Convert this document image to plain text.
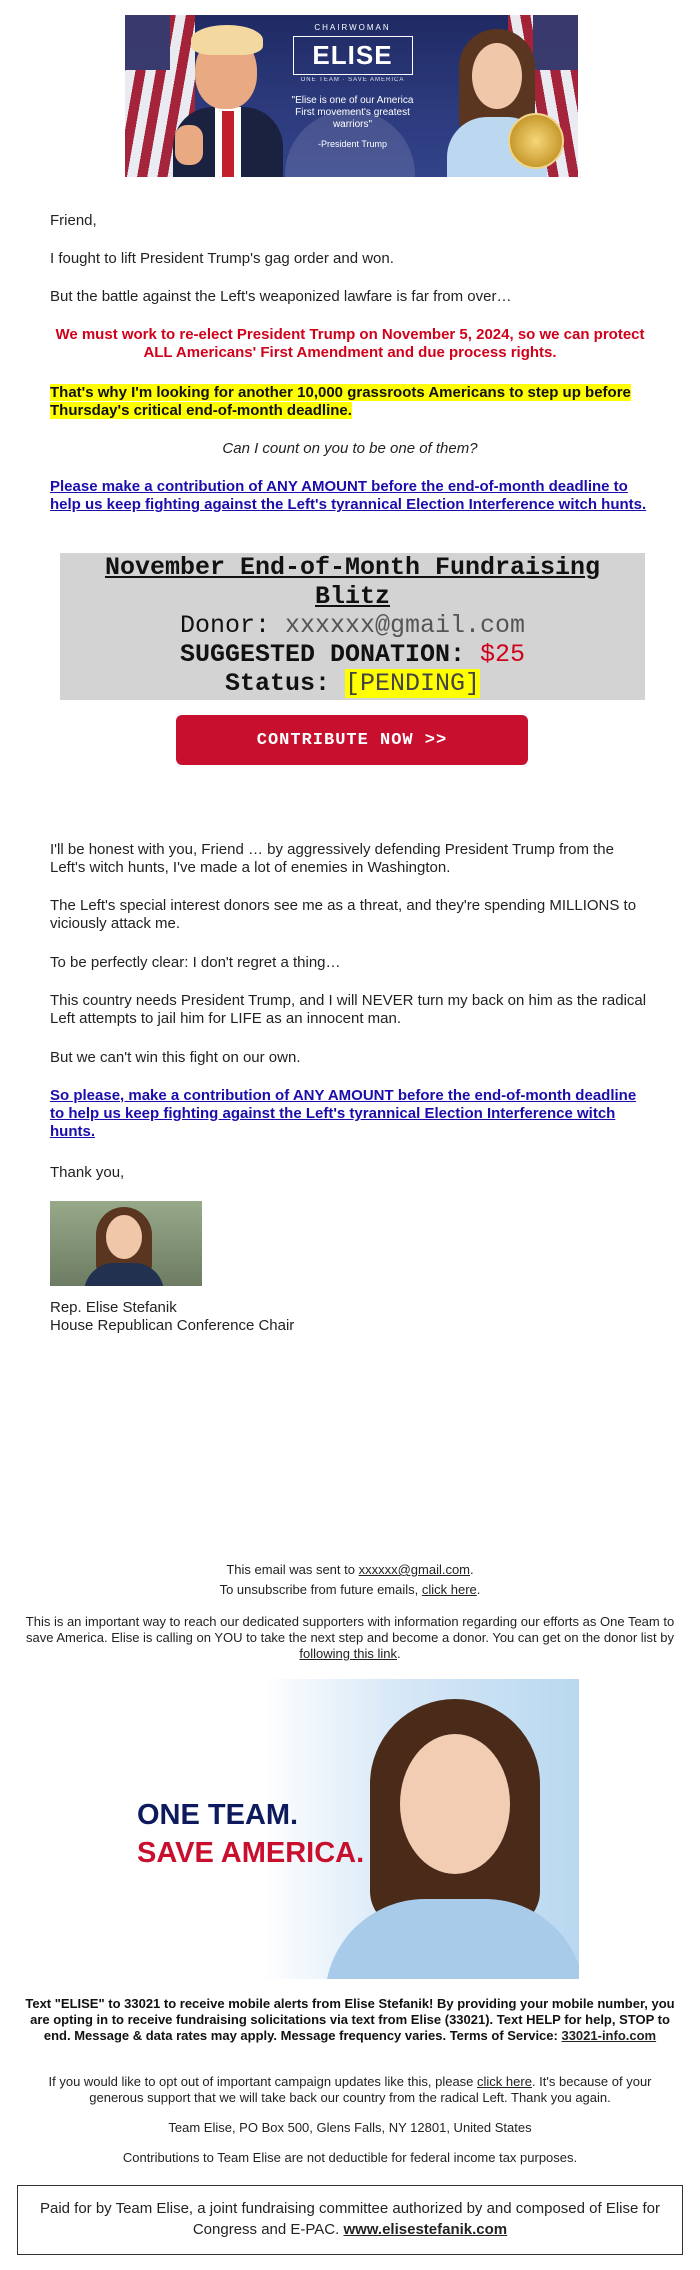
CHAIRWOMAN
ELISE
ONE TEAM · SAVE AMERICA
"Elise is one of our America First movement's greatest warriors"
-President Trump
Friend,
I fought to lift President Trump's gag order and won.
But the battle against the Left's weaponized lawfare is far from over…
We must work to re-elect President Trump on November 5, 2024, so we can protect ALL Americans' First Amendment and due process rights.
That's why I'm looking for another 10,000 grassroots Americans to step up before Thursday's critical end-of-month deadline.
Can I count on you to be one of them?
Please make a contribution of ANY AMOUNT before the end-of-month deadline to help us keep fighting against the Left's tyrannical Election Interference witch hunts.
November End-of-Month Fundraising Blitz
Donor: xxxxxx@gmail.com
SUGGESTED DONATION: $25
Status: [PENDING]
CONTRIBUTE NOW >>
I'll be honest with you, Friend … by aggressively defending President Trump from the Left's witch hunts, I've made a lot of enemies in Washington.
The Left's special interest donors see me as a threat, and they're spending MILLIONS to viciously attack me.
To be perfectly clear: I don't regret a thing…
This country needs President Trump, and I will NEVER turn my back on him as the radical Left attempts to jail him for LIFE as an innocent man.
But we can't win this fight on our own.
So please, make a contribution of ANY AMOUNT before the end-of-month deadline to help us keep fighting against the Left's tyrannical Election Interference witch hunts.
Thank you,
Rep. Elise Stefanik
House Republican Conference Chair
This email was sent to xxxxxx@gmail.com.
To unsubscribe from future emails, click here.
This is an important way to reach our dedicated supporters with information regarding our efforts as One Team to save America. Elise is calling on YOU to take the next step and become a donor. You can get on the donor list by following this link.
ONE TEAM.
SAVE AMERICA.
Text "ELISE" to 33021 to receive mobile alerts from Elise Stefanik! By providing your mobile number, you are opting in to receive fundraising solicitations via text from Elise (33021). Text HELP for help, STOP to end. Message & data rates may apply. Message frequency varies. Terms of Service: 33021-info.com
If you would like to opt out of important campaign updates like this, please click here. It's because of your generous support that we will take back our country from the radical Left. Thank you again.
Team Elise, PO Box 500, Glens Falls, NY 12801, United States
Contributions to Team Elise are not deductible for federal income tax purposes.
Paid for by Team Elise, a joint fundraising committee authorized by and composed of Elise for Congress and E-PAC. www.elisestefanik.com
